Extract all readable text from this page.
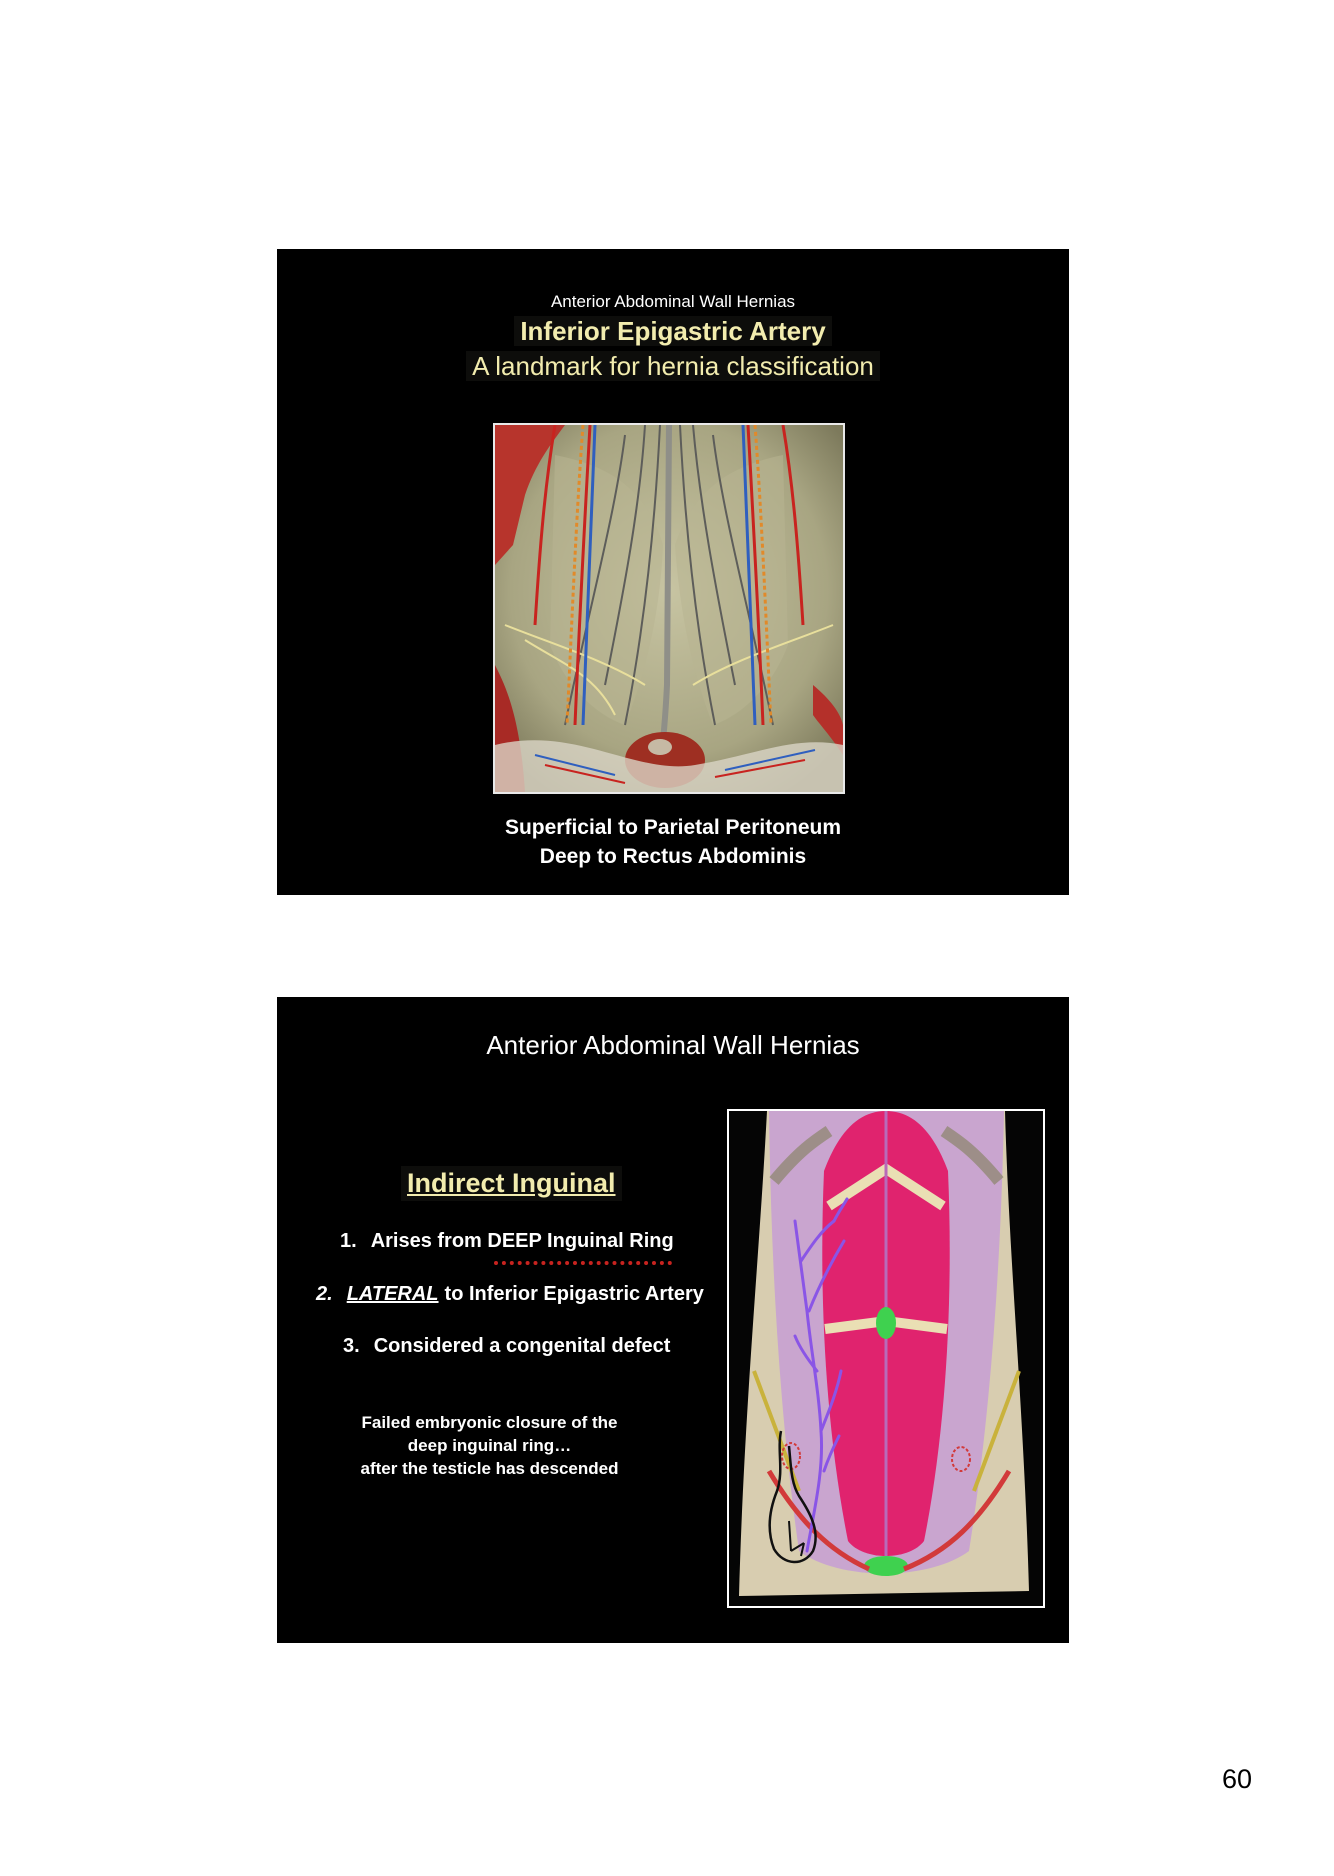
Anterior Abdominal Wall Hernias
Inferior Epigastric Artery
A landmark for hernia classification
Superficial to Parietal Peritoneum
Deep to Rectus Abdominis
Anterior Abdominal Wall Hernias
Indirect Inguinal
1. Arises from DEEP Inguinal Ring
2. LATERAL to Inferior Epigastric Artery
3. Considered a congenital defect
Failed embryonic closure of the
deep inguinal ring…
after the testicle has descended
60
